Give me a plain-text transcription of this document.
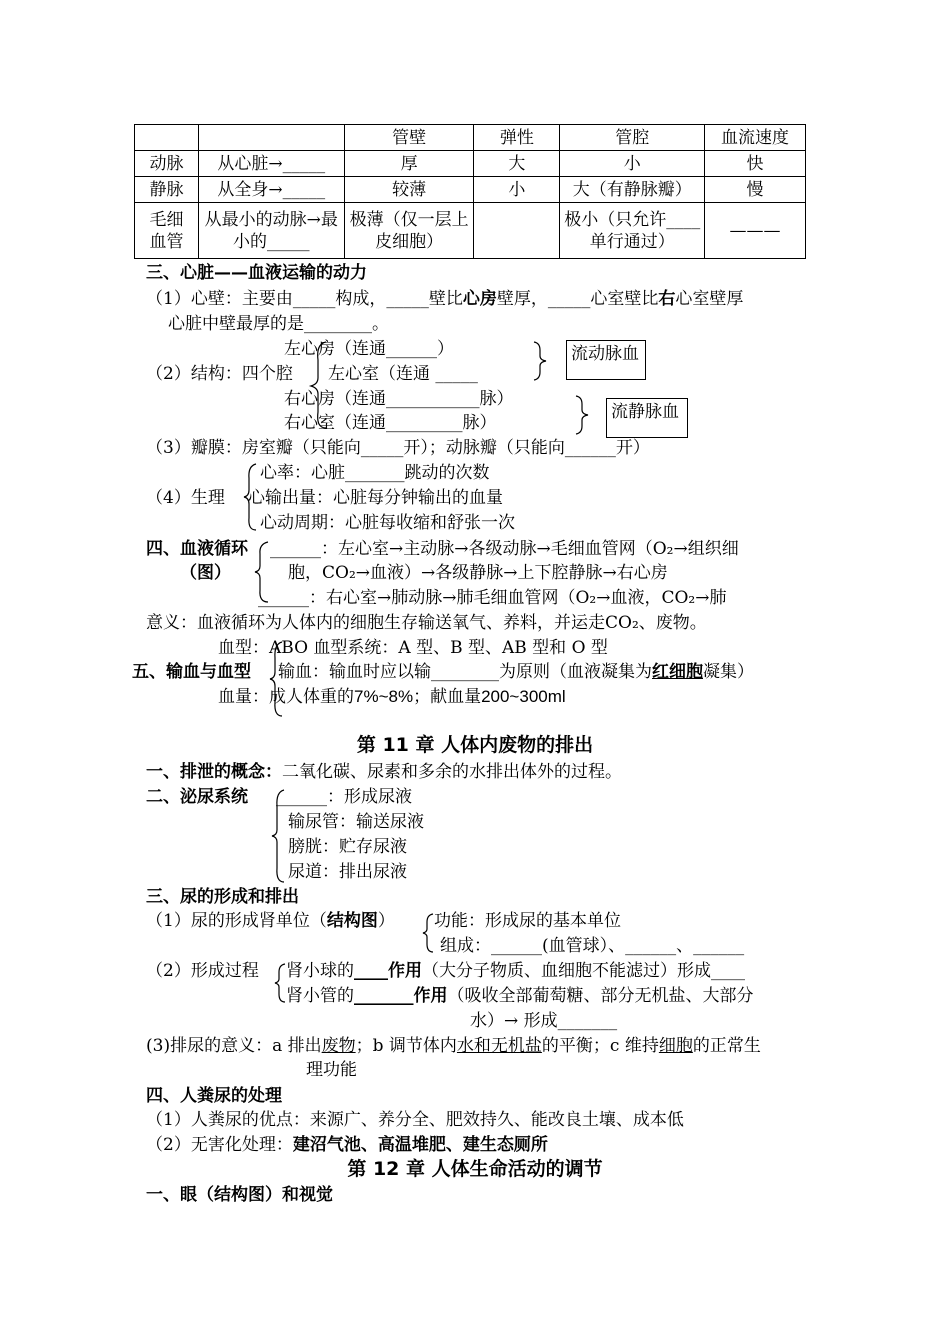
		管壁	弹性	管腔	血流速度
动脉	从心脏→_____	厚	大	小	快
静脉	从全身→_____	较薄	小	大（有静脉瓣）	慢
毛细血管	从最小的动脉→最小的_____	极薄（仅一层上皮细胞）		极小（只允许____单行通过）	———
三、心脏——血液运输的动力
（1）心壁：主要由_____构成，_____壁比心房壁厚，_____心室壁比右心室壁厚
心脏中壁最厚的是________。
左心房（连通______）
（2）结构：四个腔 左心室（连通 _____
右心房（连通___________脉）
右心室（连通_________脉）
流动脉血
流静脉血
（3）瓣膜：房室瓣（只能向_____开）；动脉瓣（只能向______开）
（4）生理
心率：心脏_______跳动的次数
心输出量：心脏每分钟输出的血量
心动周期：心脏每收缩和舒张一次
四、血液循环
（图）
______：左心室→主动脉→各级动脉→毛细血管网（O₂→组织细
胞，CO₂→血液）→各级静脉→上下腔静脉→右心房
______：右心室→肺动脉→肺毛细血管网（O₂→血液，CO₂→肺
意义：血液循环为人体内的细胞生存输送氧气、养料，并运走CO₂、废物。
血型：ABO 血型系统：A 型、B 型、AB 型和 O 型
五、输血与血型 输血：输血时应以输________为原则（血液凝集为红细胞凝集）
血量：成人体重的7%~8%；献血量200~300ml
第 11 章 人体内废物的排出
一、排泄的概念：二氧化碳、尿素和多余的水排出体外的过程。
二、泌尿系统 ______：形成尿液
输尿管：输送尿液
膀胱：贮存尿液
尿道：排出尿液
三、尿的形成和排出
（1）尿的形成肾单位（结构图） 功能：形成尿的基本单位
组成：______(血管球）、______、______
（2）形成过程 肾小球的____作用（大分子物质、血细胞不能滤过）形成____
肾小管的_______作用（吸收全部葡萄糖、部分无机盐、大部分
水）→ 形成_______
(3)排尿的意义：a 排出废物；b 调节体内水和无机盐的平衡；c 维持细胞的正常生
理功能
四、人粪尿的处理
（1）人粪尿的优点：来源广、养分全、肥效持久、能改良土壤、成本低
（2）无害化处理：建沼气池、高温堆肥、建生态厕所
第 12 章 人体生命活动的调节
一、眼（结构图）和视觉
